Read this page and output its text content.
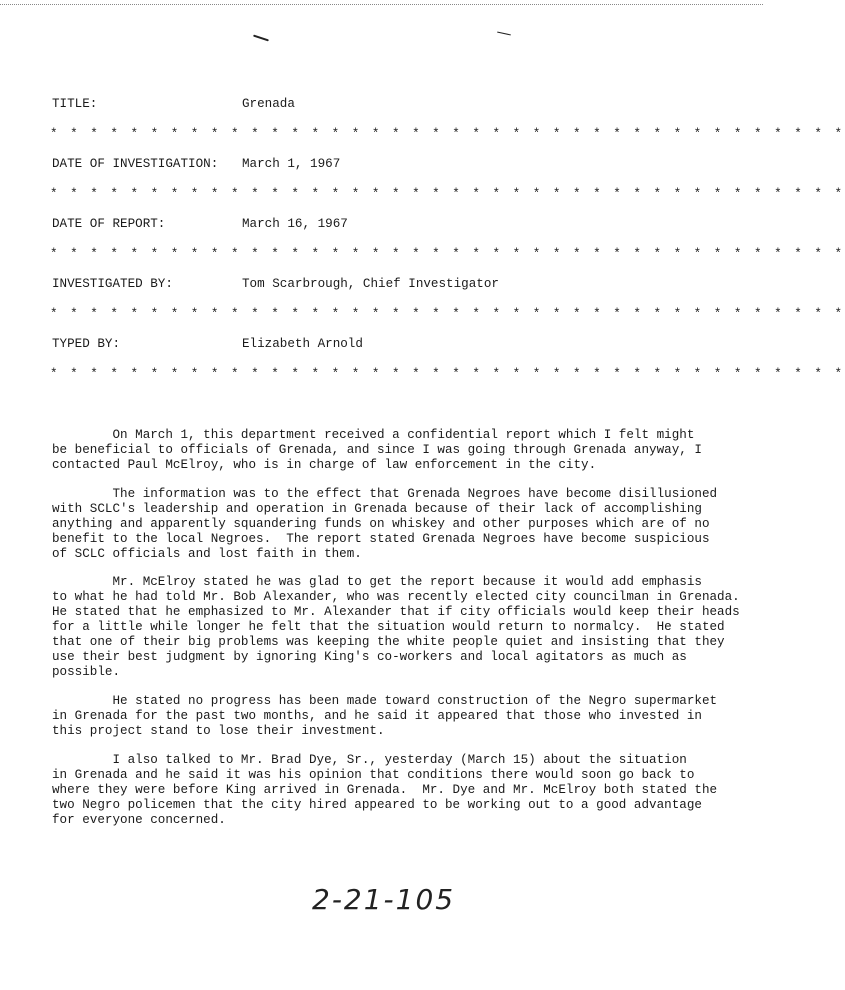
TITLE:	Grenada
* * * * * * * * * * * * * * * * * * * * * * * * * * * * * * * * * * * * * * * *
DATE OF INVESTIGATION: March 1, 1967
* * * * * * * * * * * * * * * * * * * * * * * * * * * * * * * * * * * * * * * *
DATE OF REPORT:	March 16, 1967
* * * * * * * * * * * * * * * * * * * * * * * * * * * * * * * * * * * * * * * *
INVESTIGATED BY:	Tom Scarbrough, Chief Investigator
* * * * * * * * * * * * * * * * * * * * * * * * * * * * * * * * * * * * * * * *
TYPED BY:	Elizabeth Arnold
* * * * * * * * * * * * * * * * * * * * * * * * * * * * * * * * * * * * * * * *

On March 1, this department received a confidential report which I felt might
be beneficial to officials of Grenada, and since I was going through Grenada anyway, I
contacted Paul McElroy, who is in charge of law enforcement in the city.

The information was to the effect that Grenada Negroes have become disillusioned
with SCLC's leadership and operation in Grenada because of their lack of accomplishing
anything and apparently squandering funds on whiskey and other purposes which are of no
benefit to the local Negroes.  The report stated Grenada Negroes have become suspicious
of SCLC officials and lost faith in them.

Mr. McElroy stated he was glad to get the report because it would add emphasis
to what he had told Mr. Bob Alexander, who was recently elected city councilman in Grenada.
He stated that he emphasized to Mr. Alexander that if city officials would keep their heads
for a little while longer he felt that the situation would return to normalcy.  He stated
that one of their big problems was keeping the white people quiet and insisting that they
use their best judgment by ignoring King's co-workers and local agitators as much as
possible.

He stated no progress has been made toward construction of the Negro supermarket
in Grenada for the past two months, and he said it appeared that those who invested in
this project stand to lose their investment.

I also talked to Mr. Brad Dye, Sr., yesterday (March 15) about the situation
in Grenada and he said it was his opinion that conditions there would soon go back to
where they were before King arrived in Grenada.  Mr. Dye and Mr. McElroy both stated the
two Negro policemen that the city hired appeared to be working out to a good advantage
for everyone concerned.

2-21-105
